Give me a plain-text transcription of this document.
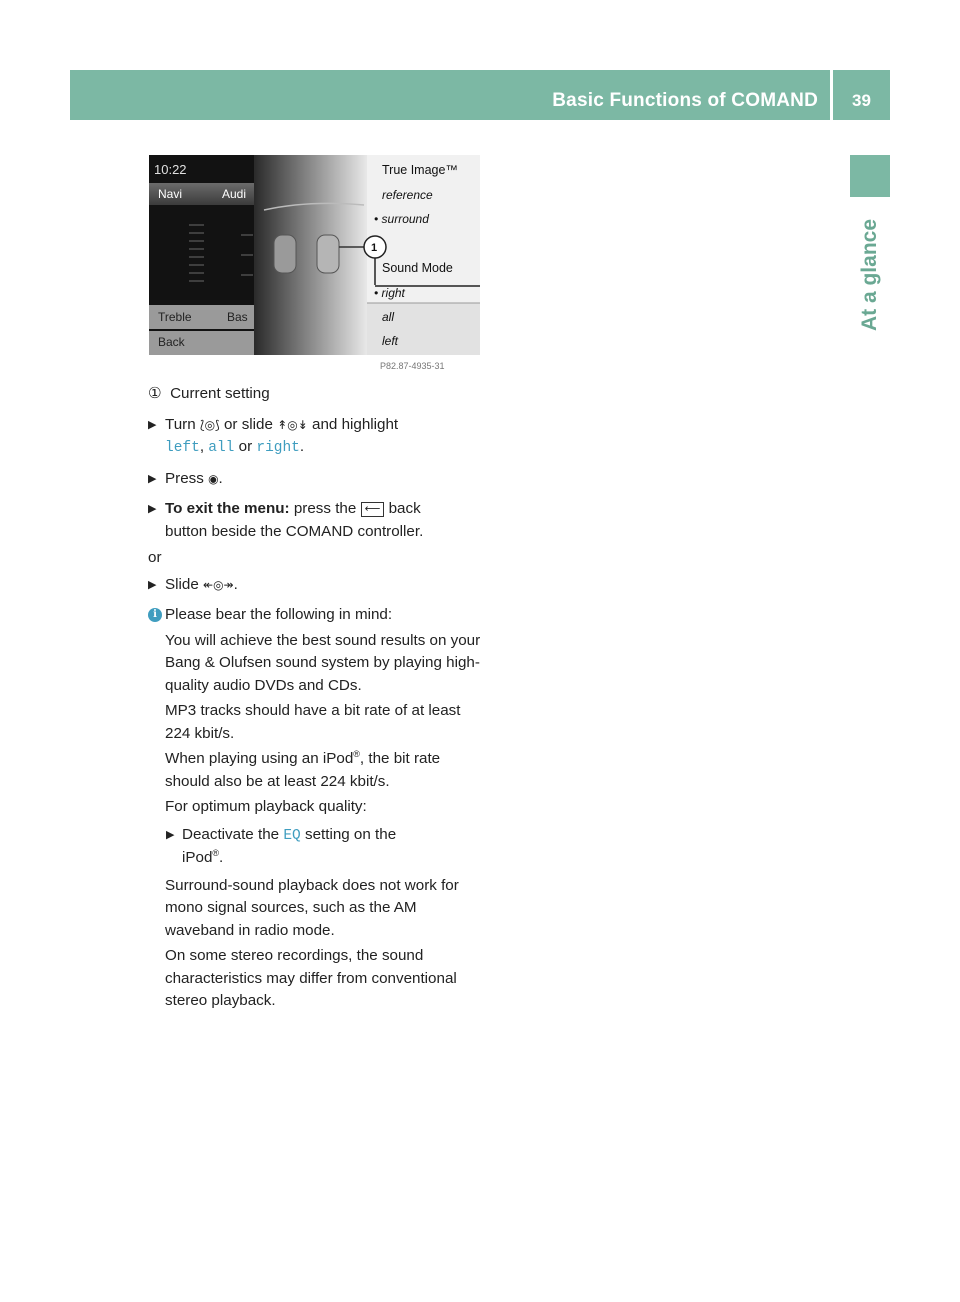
Basic Functions of COMAND	39
At a glance
10:22
Navi	Audi
Treble	Bas
Back
True Image™
reference
• surround
1
Sound Mode
• right
all
left
P82.87-4935-31
① Current setting
▶ Turn ⟅◎⟆ or slide ↟◎↡ and highlight
left, all or right.
▶ Press ◉.
▶ To exit the menu: press the ⟵ back
button beside the COMAND controller.
or
▶ Slide ↞◎↠.
i Please bear the following in mind:

You will achieve the best sound results on your Bang & Olufsen sound system by playing high-quality audio DVDs and CDs.

MP3 tracks should have a bit rate of at least 224 kbit/s.

When playing using an iPod®, the bit rate should also be at least 224 kbit/s.

For optimum playback quality:

▶ Deactivate the EQ setting on the
iPod®.

Surround-sound playback does not work for mono signal sources, such as the AM waveband in radio mode.

On some stereo recordings, the sound characteristics may differ from conventional stereo playback.
